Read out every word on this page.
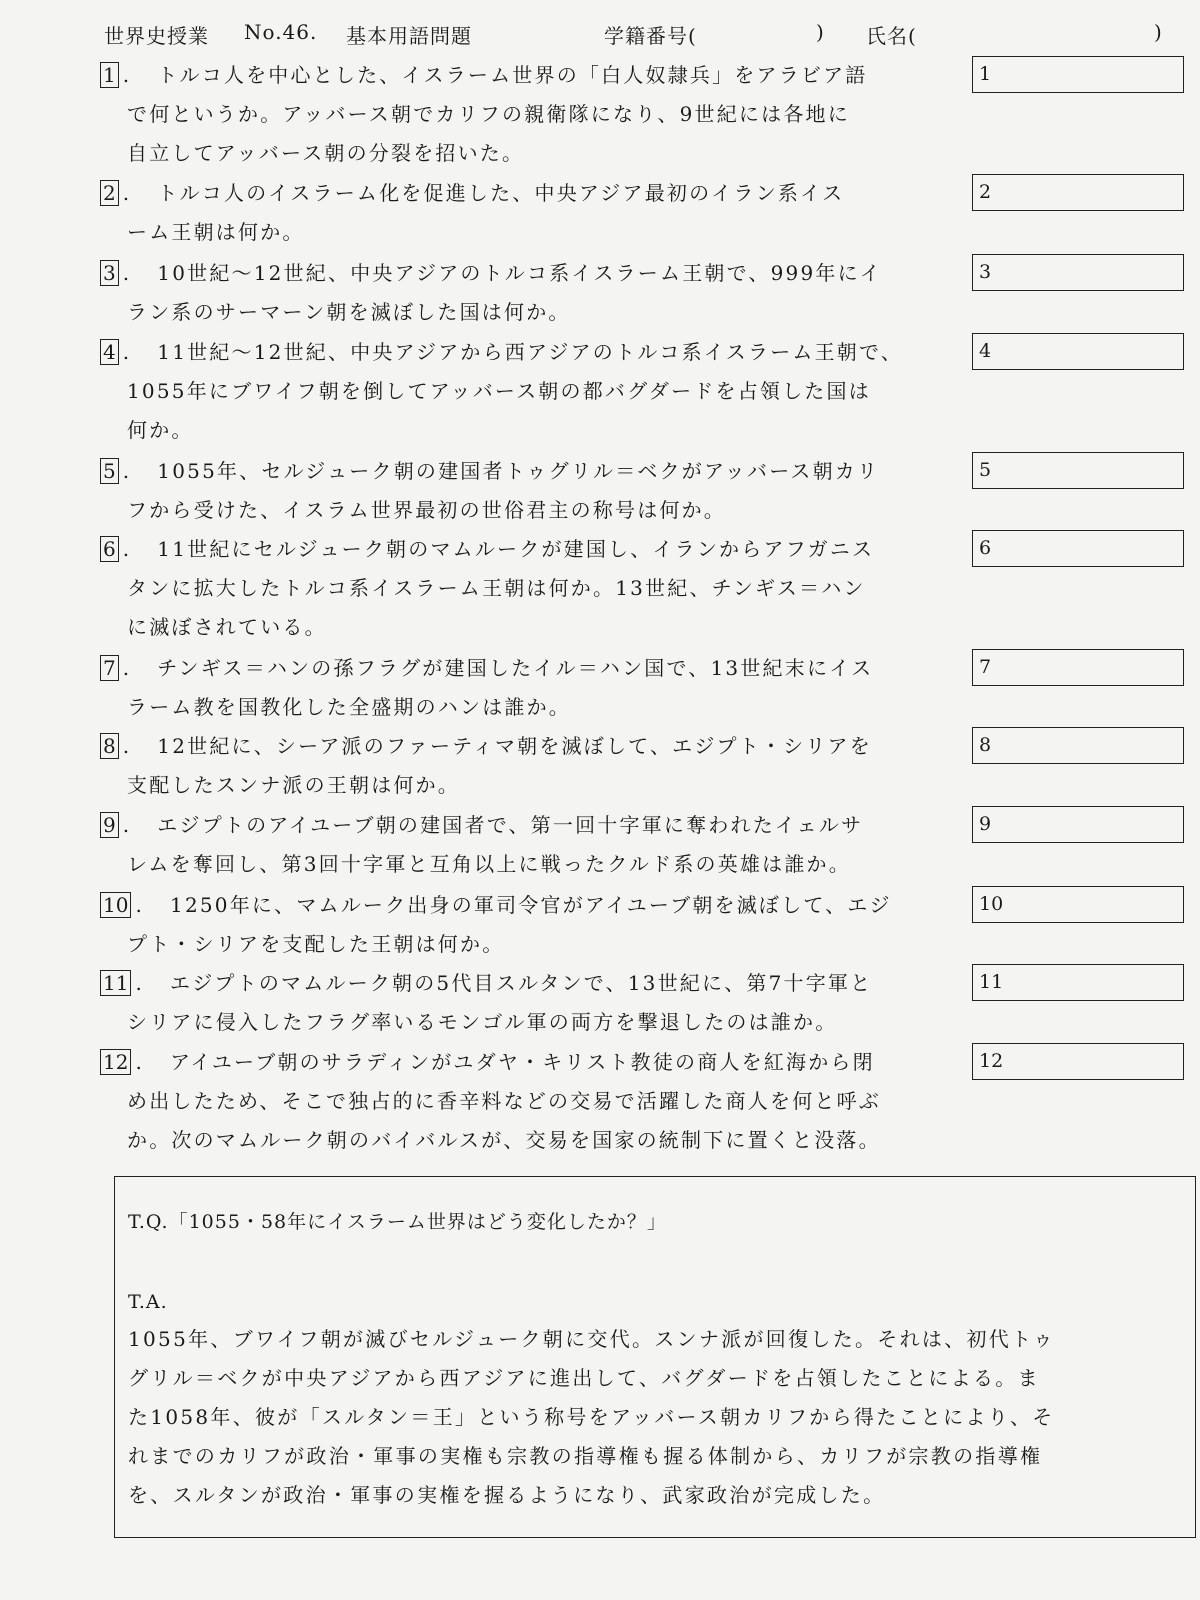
世界史授業 No.46. 基本用語問題	学籍番号(	) 氏名(	)
1 . トルコ人を中心とした、イスラーム世界の「白人奴隷兵」をアラビア語
で何というか。アッバース朝でカリフの親衛隊になり、9世紀には各地に
自立してアッバース朝の分裂を招いた。
1
2 . トルコ人のイスラーム化を促進した、中央アジア最初のイラン系イス
ーム王朝は何か。
2
3 . 10世紀～12世紀、中央アジアのトルコ系イスラーム王朝で、999年にイ
ラン系のサーマーン朝を滅ぼした国は何か。
3
4 . 11世紀～12世紀、中央アジアから西アジアのトルコ系イスラーム王朝で、
1055年にブワイフ朝を倒してアッバース朝の都バグダードを占領した国は
何か。
4
5 . 1055年、セルジューク朝の建国者トゥグリル＝ベクがアッバース朝カリ
フから受けた、イスラム世界最初の世俗君主の称号は何か。
5
6 . 11世紀にセルジューク朝のマムルークが建国し、イランからアフガニス
タンに拡大したトルコ系イスラーム王朝は何か。13世紀、チンギス＝ハン
に滅ぼされている。
6
7 . チンギス＝ハンの孫フラグが建国したイル＝ハン国で、13世紀末にイス
ラーム教を国教化した全盛期のハンは誰か。
7
8 . 12世紀に、シーア派のファーティマ朝を滅ぼして、エジプト・シリアを
支配したスンナ派の王朝は何か。
8
9 . エジプトのアイユーブ朝の建国者で、第一回十字軍に奪われたイェルサ
レムを奪回し、第3回十字軍と互角以上に戦ったクルド系の英雄は誰か。
9
10 . 1250年に、マムルーク出身の軍司令官がアイユーブ朝を滅ぼして、エジ
プト・シリアを支配した王朝は何か。
10
11 . エジプトのマムルーク朝の5代目スルタンで、13世紀に、第7十字軍と
シリアに侵入したフラグ率いるモンゴル軍の両方を撃退したのは誰か。
11
12 . アイユーブ朝のサラディンがユダヤ・キリスト教徒の商人を紅海から閉
め出したため、そこで独占的に香辛料などの交易で活躍した商人を何と呼ぶ
か。次のマムルーク朝のバイバルスが、交易を国家の統制下に置くと没落。
12
T.Q.「1055・58年にイスラーム世界はどう変化したか？」
T.A.
1055年、ブワイフ朝が滅びセルジューク朝に交代。スンナ派が回復した。それは、初代トゥ
グリル＝ベクが中央アジアから西アジアに進出して、バグダードを占領したことによる。ま
た1058年、彼が「スルタン＝王」という称号をアッバース朝カリフから得たことにより、そ
れまでのカリフが政治・軍事の実権も宗教の指導権も握る体制から、カリフが宗教の指導権
を、スルタンが政治・軍事の実権を握るようになり、武家政治が完成した。
